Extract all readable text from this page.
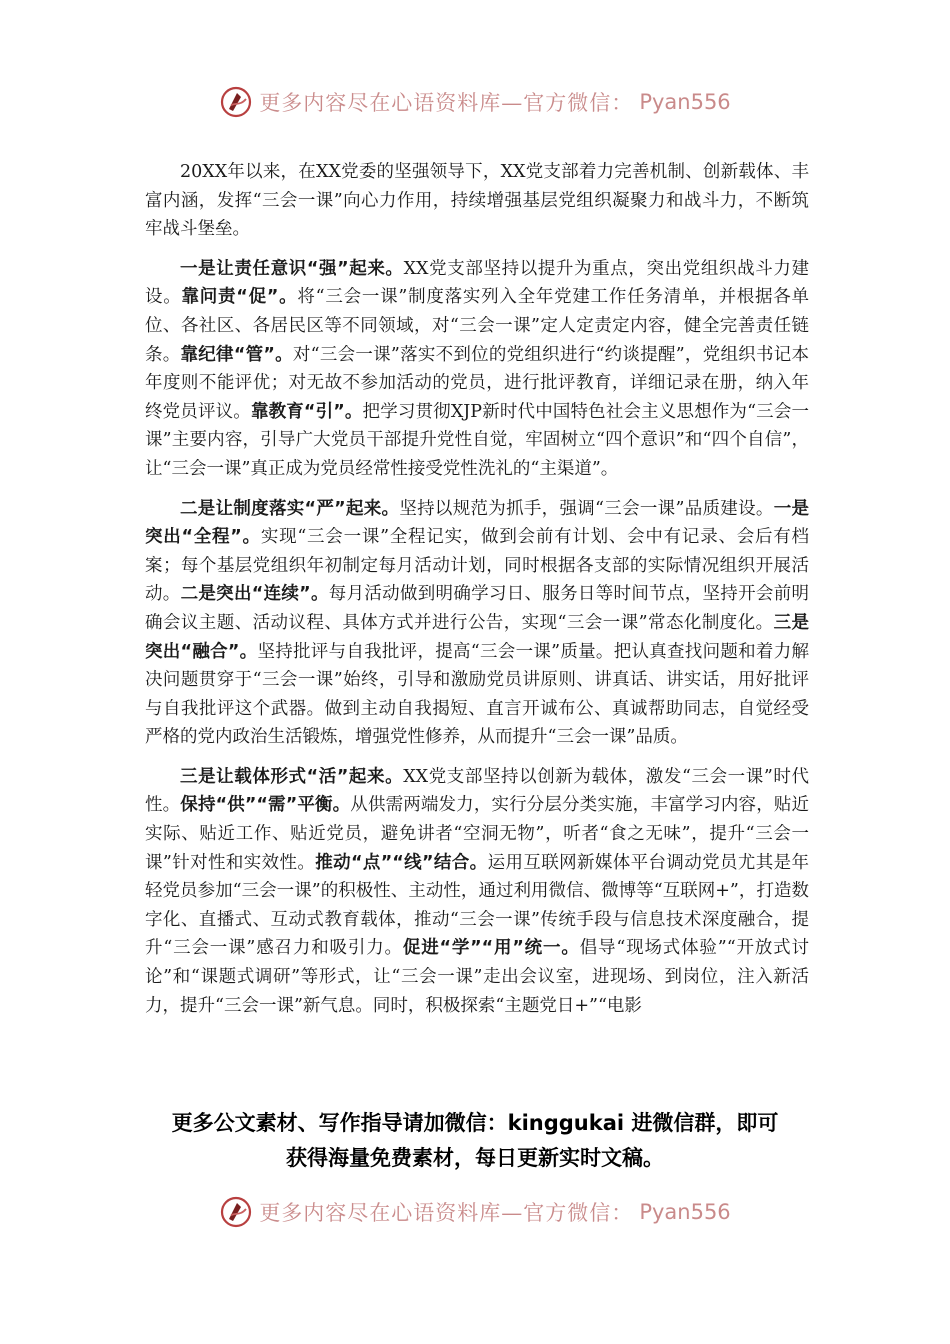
更多内容尽在心语资料库—官方微信： Pyan556

20XX年以来，在XX党委的坚强领导下，XX党支部着力完善机制、创新载体、丰富内涵，发挥“三会一课”向心力作用，持续增强基层党组织凝聚力和战斗力，不断筑牢战斗堡垒。

一是让责任意识“强”起来。XX党支部坚持以提升为重点，突出党组织战斗力建设。靠问责“促”。将“三会一课”制度落实列入全年党建工作任务清单，并根据各单位、各社区、各居民区等不同领域，对“三会一课”定人定责定内容，健全完善责任链条。靠纪律“管”。对“三会一课”落实不到位的党组织进行“约谈提醒”，党组织书记本年度则不能评优；对无故不参加活动的党员，进行批评教育，详细记录在册，纳入年终党员评议。靠教育“引”。把学习贯彻XJP新时代中国特色社会主义思想作为“三会一课”主要内容，引导广大党员干部提升党性自觉，牢固树立“四个意识”和“四个自信”，让“三会一课”真正成为党员经常性接受党性洗礼的“主渠道”。

二是让制度落实“严”起来。坚持以规范为抓手，强调“三会一课”品质建设。一是突出“全程”。实现“三会一课”全程记实，做到会前有计划、会中有记录、会后有档案；每个基层党组织年初制定每月活动计划，同时根据各支部的实际情况组织开展活动。二是突出“连续”。每月活动做到明确学习日、服务日等时间节点，坚持开会前明确会议主题、活动议程、具体方式并进行公告，实现“三会一课”常态化制度化。三是突出“融合”。坚持批评与自我批评，提高“三会一课”质量。把认真查找问题和着力解决问题贯穿于“三会一课”始终，引导和激励党员讲原则、讲真话、讲实话，用好批评与自我批评这个武器。做到主动自我揭短、直言开诚布公、真诚帮助同志，自觉经受严格的党内政治生活锻炼，增强党性修养，从而提升“三会一课”品质。

三是让载体形式“活”起来。XX党支部坚持以创新为载体，激发“三会一课”时代性。保持“供”“需”平衡。从供需两端发力，实行分层分类实施，丰富学习内容，贴近实际、贴近工作、贴近党员，避免讲者“空洞无物”，听者“食之无味”，提升“三会一课”针对性和实效性。推动“点”“线”结合。运用互联网新媒体平台调动党员尤其是年轻党员参加“三会一课”的积极性、主动性，通过利用微信、微博等“互联网+”，打造数字化、直播式、互动式教育载体，推动“三会一课”传统手段与信息技术深度融合，提升“三会一课”感召力和吸引力。促进“学”“用”统一。倡导“现场式体验”“开放式讨论”和“课题式调研”等形式，让“三会一课”走出会议室，进现场、到岗位，注入新活力，提升“三会一课”新气息。同时，积极探索“主题党日+”“电影

更多公文素材、写作指导请加微信：kinggukai 进微信群，即可
获得海量免费素材，每日更新实时文稿。
更多内容尽在心语资料库—官方微信： Pyan556
